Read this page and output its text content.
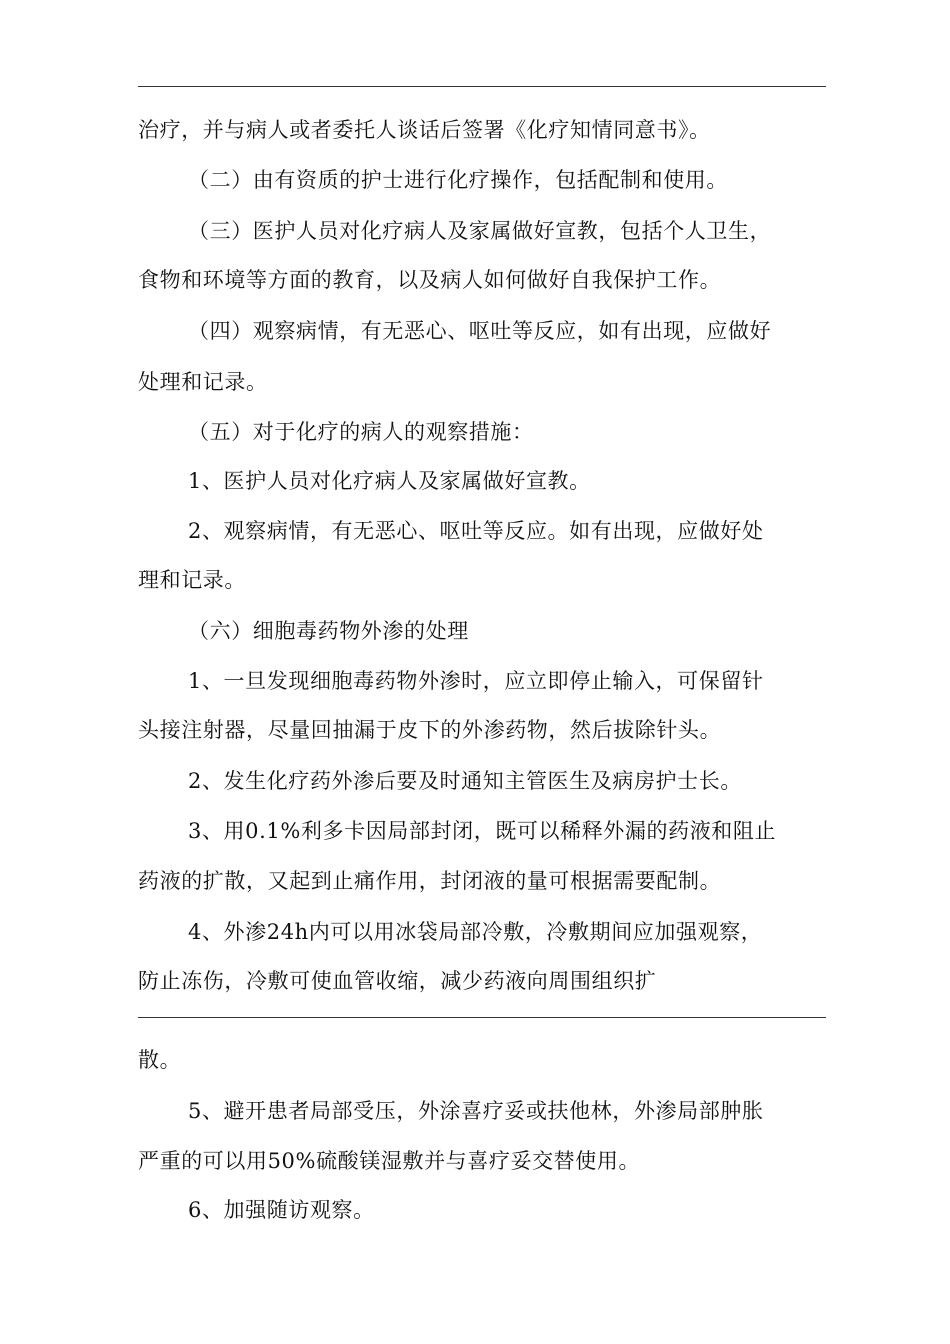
治疗，并与病人或者委托人谈话后签署《化疗知情同意书》。
（二）由有资质的护士进行化疗操作，包括配制和使用。
（三）医护人员对化疗病人及家属做好宣教，包括个人卫生，
食物和环境等方面的教育，以及病人如何做好自我保护工作。
（四）观察病情，有无恶心、呕吐等反应，如有出现，应做好
处理和记录。
（五）对于化疗的病人的观察措施：
1、医护人员对化疗病人及家属做好宣教。
2、观察病情，有无恶心、呕吐等反应。如有出现，应做好处
理和记录。
（六）细胞毒药物外渗的处理
1、一旦发现细胞毒药物外渗时，应立即停止输入，可保留针
头接注射器，尽量回抽漏于皮下的外渗药物，然后拔除针头。
2、发生化疗药外渗后要及时通知主管医生及病房护士长。
3、用0.1%利多卡因局部封闭，既可以稀释外漏的药液和阻止
药液的扩散，又起到止痛作用，封闭液的量可根据需要配制。
4、外渗24h内可以用冰袋局部冷敷，冷敷期间应加强观察，
防止冻伤，冷敷可使血管收缩，减少药液向周围组织扩
散。
5、避开患者局部受压，外涂喜疗妥或扶他林，外渗局部肿胀
严重的可以用50%硫酸镁湿敷并与喜疗妥交替使用。
6、加强随访观察。
